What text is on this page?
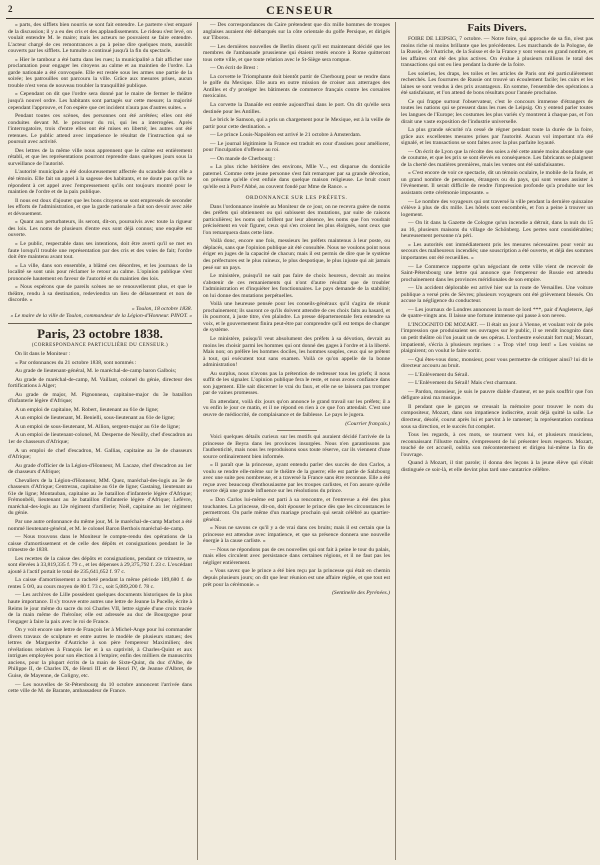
2	CENSEUR

» parts, des sifflets bien nourris se sont fait entendre. Le parterre s'est emparé de la discussion; il y a eu des cris et des applaudissements. Le rideau s'est levé, on voulait entendre M. le maire; mais les acteurs ne pouvaient se faire entendre. L'acteur chargé de ces remontrances a pu à peine dire quelques mots, aussitôt couverts par les sifflets. Le tumulte a continué jusqu'à la fin du spectacle.

» Hier le tambour a été battu dans les rues; la municipalité a fait afficher une proclamation pour engager les citoyens au calme et au maintien de l'ordre. La garde nationale a été convoquée. Elle est restée sous les armes une partie de la soirée; les patrouilles ont parcouru la ville. Grâce aux mesures prises, aucun trouble n'est venu de nouveau troubler la tranquillité publique.

» Cependant on dit que l'ordre sera donné par le maire de fermer le théâtre jusqu'à nouvel ordre. Les habitants sont partagés sur cette mesure; la majorité cependant l'approuve, et l'on espère que cet incident n'aura pas d'autres suites. »

Pendant toutes ces scènes, des personnes ont été arrêtées; elles ont été conduites devant M. le procureur du roi, qui les a interrogées. Après l'interrogatoire, trois d'entre elles ont été mises en liberté; les autres ont été retenues. Le public attend avec impatience le résultat de l'instruction qui se poursuit avec activité.

Des lettres de la même ville nous apprennent que le calme est entièrement rétabli, et que les représentations pourront reprendre dans quelques jours sous la surveillance de l'autorité.

L'autorité municipale a été douloureusement affectée du scandale dont elle a été témoin. Elle fait un appel à la sagesse des habitants, et ne doute pas qu'ils ne répondent à cet appel avec l'empressement qu'ils ont toujours montré pour le maintien de l'ordre et de la paix publique.

Il nous est doux d'ajouter que les bons citoyens se sont empressés de seconder les efforts de l'administration, et que la garde nationale a fait son devoir avec zèle et dévouement.

» Quant aux perturbateurs, ils seront, dit-on, poursuivis avec toute la rigueur des lois. Les noms de plusieurs d'entre eux sont déjà connus; une enquête est ouverte.

» Le public, respectable dans ses intentions, doit être averti qu'il se met en faute lorsqu'il trouble une représentation par des cris et des voies de fait; l'ordre doit être maintenu avant tout.

» La ville, dans son ensemble, a blâmé ces désordres, et les journaux de la localité se sont unis pour réclamer le retour au calme. L'opinion publique s'est prononcée hautement en faveur de l'autorité et du maintien des lois.

» Nous espérons que de pareils scènes ne se renouvelleront plus, et que le théâtre, rendu à sa destination, redeviendra un lieu de délassement et non de discorde. »

» Toulon, 18 octobre 1838.

» Le maire de la ville de Toulon, commandeur de la Légion-d'Honneur. PINOT. »

Paris, 23 octobre 1838.
(CORRESPONDANCE PARTICULIÈRE DU CENSEUR.)

On lit dans le Moniteur :

« Par ordonnances du 21 octobre 1838, sont nommés :

Au grade de lieutenant-général, M. le maréchal-de-camp baron Galbois;

Au grade de maréchal-de-camp, M. Vaillant, colonel du génie, directeur des fortifications à Alger;

Au grade de major, M. Pignonneau, capitaine-major du 3e bataillon d'infanterie légère d'Afrique;

A un emploi de capitaine, M. Robert, lieutenant au 61e de ligne;

A un emploi de lieutenant, M. Benielli, sous-lieutenant au 61e de ligne;

A un emploi de sous-lieutenant, M. Allion, sergent-major au 61e de ligne;

A un emploi de lieutenant-colonel, M. Desperne de Neuilly, chef d'escadron au 1er de chasseurs d'Afrique;

A un emploi de chef d'escadron, M. Gallias, capitaine au 3e de chasseurs d'Afrique;

Au grade d'officier de la Légion-d'Honneur, M. Lacaze, chef d'escadron au 1er de chasseurs d'Afrique;

Chevaliers de la Légion-d'Honneur, MM. Quez, maréchal-des-logis au 3e de chasseurs d'Afrique; Centrerau, capitaine au 61e de ligne; Gastaing, lieutenant au 61e de ligne; Montauban, capitaine au 3e bataillon d'infanterie légère d'Afrique; Frémonbéli, lieutenant au 3e bataillon d'infanterie légère d'Afrique; Lefèvre, maréchal-des-logis au 12e régiment d'artillerie; Noël, capitaine au 1er régiment du génie.

Par une autre ordonnance du même jour, M. le maréchal-de-camp Marbot a été nommé lieutenant-général, et M. le colonel Baron Berthois maréchal-de-camp.

— Nous trouvons dans le Moniteur le compte-rendu des opérations de la caisse d'amortissement et de celle des dépôts et consignations pendant le 3e trimestre de 1838.

Les recettes de la caisse des dépôts et consignations, pendant ce trimestre, se sont élevées à 33,819,335 f. 79 c., et les dépenses à 29,375,792 f. 23 c. L'excédant ajouté à l'actif portait le total de 235,641,652 f. 97 c.

La caisse d'amortissement a racheté pendant la même période 189,680 f. de rentes 5 0/0, au cours moyen de 80 f. 73 c., soit 5,089,200 f. 78 c.

— Les archives de Lille possèdent quelques documents historiques de la plus haute importance. Il s'y trouve entre autres une lettre de Jeanne la Pucelle, écrite à Reims le jour même du sacre du roi Charles VII, lettre signée d'une croix tracée de la main même de l'héroïne; elle est adressée au duc de Bourgogne pour l'engager à faire la paix avec le roi de France.

On y voit encore une lettre de François Ier à Michel-Ange pour lui commander divers travaux de sculpture et entre autres le modèle de plusieurs statues; des lettres de Marguerite d'Autriche à son père l'empereur Maximilien; des révélations relatives à François Ier et à sa captivité, à Charles-Quint et aux intrigues employées pour son élection à l'empire; enfin des milliers de manuscrits anciens, pour la plupart écrits de la main de Sixte-Quint, du duc d'Albe, de Philippe II, de Charles IX, de Henri III et de Henri IV, de Jeanne d'Albret, de Guise, de Mayenne, de Coligny, etc.

— Les nouvelles de St-Pétersbourg du 10 octobre annoncent l'arrivée dans cette ville de M. de Barante, ambassadeur de France.

— Des correspondances du Caire prétendent que dix mille hommes de troupes anglaises auraient été débarqués sur la côte orientale du golfe Persique, et dirigés sur Tiboros.

— Les dernières nouvelles de Berlin disent qu'il est maintenant décidé que les membres de l'ambassade prussienne qui étaient restés encore à Rome quitteront tous cette ville, et que toute relation avec le St-Siège sera rompue.

— On écrit de Brest :

La corvette le Triomphante doit bientôt partir de Cherbourg pour se rendre dans le golfe du Mexique. Elle aura en outre mission de croiser aux atterrages des Antilles et d'y protéger les bâtiments de commerce français contre les corsaires mexicains.

La corvette la Danaïde est entrée aujourd'hui dans le port. On dit qu'elle sera destinée pour les Antilles.

Le brick le Samson, qui a pris un chargement pour le Mexique, est à la veille de partir pour cette destination. »

— Le prince Louis-Napoléon est arrivé le 21 octobre à Amsterdam.

— Le journal légitimiste la France est traduit en cour d'assises pour améliorer, pour l'inculpation d'offense au roi.

— On mande de Cherbourg :

« La plus riche héritière des environs, Mlle V..., est disparue du domicile paternel. Comme cette jeune personne s'est fait remarquer par sa grande dévotion, on présume qu'elle s'est enfuie dans quelque maison religieuse. Le bruit court qu'elle est à Port-l'Abbé, au couvent fondé par Mme de Rance. »

ORDONNANCE SUR LES PRÉFETS.

Dans l'ordonnance insérée au Moniteur de ce jour, on ne recevra guère de noms des préfets qui obtiennent ou qui subissent des mutations, par suite de raisons particulières; les noms qui brillent par leur absence, les noms que l'on voudrait précisément en voir figurer, ceux qui s'en croient les plus éloignés, sont ceux que l'on remarquera dans cette liste.

Voilà donc, encore une fois, messieurs les préfets maintenus à leur poste, ou déplacés, sans que l'opinion publique ait été consultée. Nous ne voulons point nous ériger en juges de la capacité de chacun; mais il est permis de dire que le système des préfectures est le plus ruineux, le plus despotique, le plus injuste qui ait jamais pesé sur un pays.

Le ministère, puisqu'il ne sait pas faire de choix heureux, devrait au moins s'abstenir de ces remaniements qui n'ont d'autre résultat que de troubler l'administration et d'inquiéter les fonctionnaires. Le pays demande de la stabilité; on lui donne des mutations perpétuelles.

Voilà une heureuse pensée pour les conseils-généraux qu'il s'agira de réunir prochainement; ils sauront ce qu'ils doivent attendre de ces choix faits au hasard, et ils pourront, à juste titre, s'en plaindre. La presse départementale fera entendre sa voix, et le gouvernement finira peut-être par comprendre qu'il est temps de changer de système.

Le ministère, puisqu'il veut absolument des préfets à sa dévotion, devrait au moins les choisir parmi les hommes qui ont donné des gages à l'ordre et à la liberté. Mais non; on préfère les hommes dociles, les hommes souples, ceux qui se prêtent à tout, qui exécutent tout sans examen. Voilà ce qu'on appelle de la bonne administration!

Au surplus, nous n'avons pas la prétention de redresser tous les griefs; il nous suffit de les signaler. L'opinion publique fera le reste, et nous avons confiance dans son jugement. Elle sait discerner le vrai du faux, et elle ne se laissera pas tromper par de vaines promesses.

En attendant, voilà dix jours qu'on annonce le grand travail sur les préfets; il a vu enfin le jour ce matin, et il ne répond en rien à ce que l'on attendait. C'est une œuvre de médiocrité, de complaisance et de faiblesse. Le pays le jugera.

(Courrier français.)

Voici quelques détails curieux sur les motifs qui auraient décidé l'arrivée de la princesse de Beyra dans les provinces insurgées. Nous n'en garantissons pas l'authenticité, mais nous les reproduisons sous toute réserve, car ils viennent d'une source ordinairement bien informée.

« Il paraît que la princesse, ayant entendu parler des succès de don Carlos, a voulu se rendre elle-même sur le théâtre de la guerre; elle est partie de Salzbourg avec une suite peu nombreuse, et a traversé la France sans être reconnue. Elle a été reçue avec beaucoup d'enthousiasme par les troupes carlistes, et l'on assure qu'elle exerce déjà une grande influence sur les résolutions du prince.

« Don Carlos lui-même est parti à sa rencontre, et l'entrevue a été des plus touchantes. La princesse, dit-on, doit épouser le prince dès que les circonstances le permettront. On parle même d'un mariage prochain qui serait célébré au quartier-général.

« Nous ne savons ce qu'il y a de vrai dans ces bruits; mais il est certain que la princesse est attendue avec impatience, et que sa présence donnera une nouvelle énergie à la cause carliste. »

— Nous ne répondons pas de ces nouvelles qui ont fait à peine le tour du palais, mais elles circulent avec persistance dans certaines régions, et il ne faut pas les négliger entièrement.

« Vous savez que le prince a été bien reçu par la princesse qui était en chemin depuis plusieurs jours; on dit que leur réunion est une affaire réglée, et que tout est prêt pour la cérémonie. »

(Sentinelle des Pyrénées.)

Faits Divers.

FOIRE DE LEIPSIG, 7 octobre. — Notre foire, qui approche de sa fin, n'est pas moins riche ni moins brillante que les précédentes. Les marchands de la Pologne, de la Russie, de l'Autriche, de la Suisse et de la France y sont venus en grand nombre, et les affaires ont été des plus actives. On évalue à plusieurs millions le total des transactions qui ont eu lieu pendant la durée de la foire.

Les soieries, les draps, les toiles et les articles de Paris ont été particulièrement recherchés. Les fourrures de Russie ont trouvé un écoulement facile; les cuirs et les laines se sont vendus à des prix avantageux. En somme, l'ensemble des opérations a été satisfaisant, et l'on attend de bons résultats pour l'année prochaine.

Ce qui frappe surtout l'observateur, c'est le concours immense d'étrangers de toutes les nations qui se pressent dans les rues de Leipsig. On y entend parler toutes les langues de l'Europe; les costumes les plus variés s'y montrent à chaque pas, et l'on dirait une vaste exposition de l'industrie universelle.

La plus grande sécurité n'a cessé de régner pendant toute la durée de la foire, grâce aux excellentes mesures prises par l'autorité. Aucun vol important n'a été signalé, et les transactions se sont faites avec la plus parfaite loyauté.

— On écrit de Lyon que la récolte des soies a été cette année moins abondante que de coutume, et que les prix se sont élevés en conséquence. Les fabricants se plaignent de la cherté des matières premières, mais les ventes ont été satisfaisantes.

« C'est encore de voir ce spectacle, dit un témoin oculaire, le mobile de la foule, et un grand nombre de personnes, étrangers ou du pays, qui sont venues assister à l'événement. Il serait difficile de rendre l'impression profonde qu'a produite sur les assistants cette cérémonie imposante. »

— Le nombre des voyageurs qui ont traversé la ville pendant la dernière quinzaine s'élève à plus de dix mille. Les hôtels sont encombrés, et l'on a peine à trouver un logement.

— On lit dans la Gazette de Cologne qu'un incendie a détruit, dans la nuit du 15 au 16, plusieurs maisons du village de Schönberg. Les pertes sont considérables; heureusement personne n'a péri.

« Les autorités ont immédiatement pris les mesures nécessaires pour venir au secours des malheureux incendiés; une souscription a été ouverte, et déjà des sommes importantes ont été recueillies. »

— Le Commerce rapporte qu'un négociant de cette ville vient de recevoir de Saint-Pétersbourg une lettre qui annonce que l'empereur de Russie est attendu prochainement dans les provinces méridionales de son empire.

— Un accident déplorable est arrivé hier sur la route de Versailles. Une voiture publique a versé près de Sèvres; plusieurs voyageurs ont été grièvement blessés. On accuse la négligence du conducteur.

— Les journaux de Londres annoncent la mort de lord ***, pair d'Angleterre, âgé de quatre-vingts ans. Il laisse une fortune immense qui passe à son neveu.

L'INCOGNITO DE MOZART. — Il était un jour à Vienne, et voulant voir de près l'impression que produisaient ses ouvrages sur le public, il se rendit incognito dans un petit théâtre où l'on jouait un de ses opéras. L'orchestre exécutait fort mal; Mozart, impatienté, s'écria à plusieurs reprises : « Trop vite! trop lent! » Les voisins se plaignirent; on voulut le faire sortir.

— Qui êtes-vous donc, monsieur, pour vous permettre de critiquer ainsi? lui dit le directeur accouru au bruit.

— L'Enlèvement du Sérail.

— L'Enlèvement du Sérail! Mais c'est charmant.

— Pardon, monsieur, je suis le pauvre diable d'auteur, et ne puis souffrir que l'on défigure ainsi ma musique.

Il pendant que le garçon se creusait la mémoire pour trouver le nom du compositeur, Mozart, dans son impatience indiscrète, avait déjà quitté la salle. Le directeur, désolé, courut après lui et parvint à le ramener; la représentation continua sous sa direction, et le succès fut complet.

Tous les regards, à ces mots, se tournent vers lui, et plusieurs musiciens, reconnaissant l'illustre maître, s'empressent de lui présenter leurs respects. Mozart, touché de cet accueil, oublia son mécontentement et dirigea lui-même la fin de l'ouvrage.

Quand à Mozart, il tint parole; il donna des leçons à la jeune élève qui s'était distinguée ce soir-là, et elle devint plus tard une cantatrice célèbre.
